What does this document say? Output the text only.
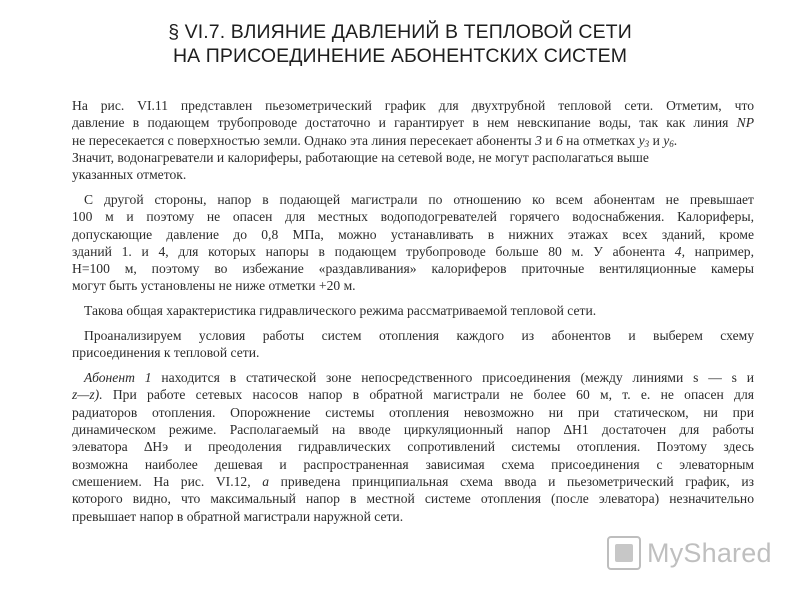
§ VI.7. ВЛИЯНИЕ ДАВЛЕНИЙ В ТЕПЛОВОЙ СЕТИ
НА ПРИСОЕДИНЕНИЕ АБОНЕНТСКИХ СИСТЕМ
На рис. VI.11 представлен пьезометрический график для двухтрубной тепловой сети. Отметим, что
давление в подающем трубопроводе достаточно и гарантирует в нем невскипание воды, так как линия NP
не пересекается с поверхностью земли. Однако эта линия пересекает абоненты 3 и 6 на отметках $y_3$ и $y_6$.
Значит, водонагреватели и калориферы, работающие на сетевой воде, не могут располагаться выше
указанных отметок.
С другой стороны, напор в подающей магистрали по отношению ко всем абонентам не превышает
100 м и поэтому не опасен для местных водоподогревателей горячего водоснабжения. Калориферы,
допускающие давление до 0,8 МПа, можно устанавливать в нижних этажах всех зданий, кроме
зданий 1. и 4, для которых напоры в подающем трубопроводе больше 80 м. У абонента 4, например,
Н=100 м, поэтому во избежание «раздавливания» калориферов приточные вентиляционные камеры
могут быть установлены не ниже отметки +20 м.
Такова общая характеристика гидравлического режима рассматриваемой тепловой сети.
Проанализируем условия работы систем отопления каждого из абонентов и выберем схему
присоединения к тепловой сети.
Абонент 1 находится в статической зоне непосредственного присоединения (между линиями s — s и
z—z). При работе сетевых насосов напор в обратной магистрали не более 60 м, т. е. не опасен для
радиаторов отопления. Опорожнение системы отопления невозможно ни при статическом, ни при
динамическом режиме. Располагаемый на вводе циркуляционный напор ∆Н1 достаточен для работы
элеватора ∆Нэ и преодоления гидравлических сопротивлений системы отопления. Поэтому здесь
возможна наиболее дешевая и распространенная зависимая схема присоединения с элеваторным
смешением. На рис. VI.12, а приведена принципиальная схема ввода и пьезометрический график, из
которого видно, что максимальный напор в местной системе отопления (после элеватора) незначительно
превышает напор в обратной магистрали наружной сети.
MyShared
